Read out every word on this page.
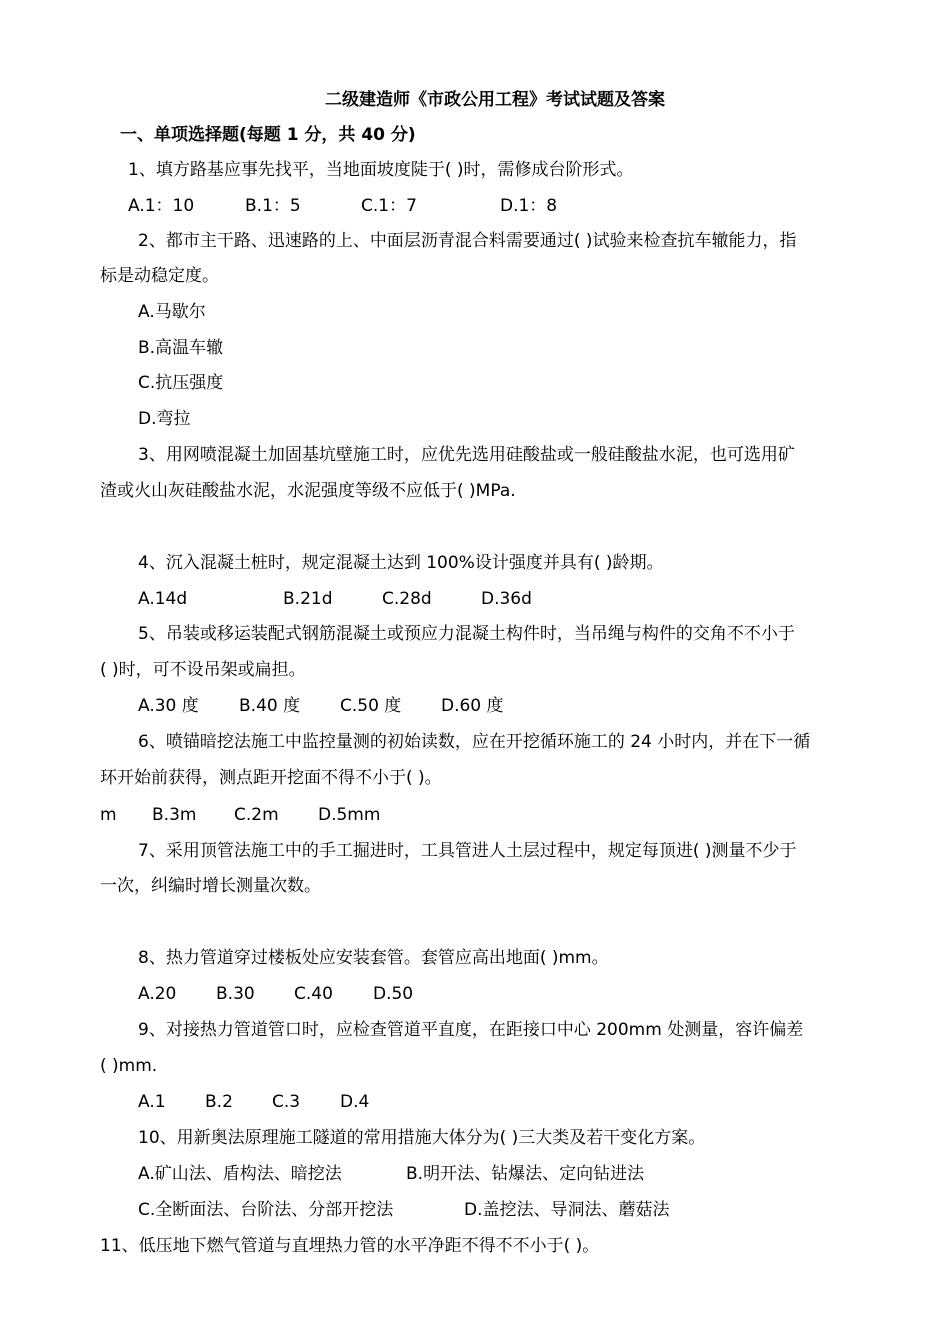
二级建造师《市政公用工程》考试试题及答案
一、单项选择题(每题 1 分，共 40 分)
1、填方路基应事先找平，当地面坡度陡于( )时，需修成台阶形式。
A.1：10	B.1：5	C.1：7	D.1：8
2、都市主干路、迅速路的上、中面层沥青混合料需要通过( )试验来检查抗车辙能力，指
标是动稳定度。
A.马歇尔
B.高温车辙
C.抗压强度
D.弯拉
3、用网喷混凝土加固基坑壁施工时，应优先选用硅酸盐或一般硅酸盐水泥，也可选用矿
渣或火山灰硅酸盐水泥，水泥强度等级不应低于( )MPa.
4、沉入混凝土桩时，规定混凝土达到 100%设计强度并具有( )龄期。
A.14d	B.21d	C.28d	D.36d
5、吊装或移运装配式钢筋混凝土或预应力混凝土构件时，当吊绳与构件的交角不不小于
( )时，可不设吊架或扁担。
A.30 度 B.40 度 C.50 度 D.60 度
6、喷锚暗挖法施工中监控量测的初始读数，应在开挖循环施工的 24 小时内，并在下一循
环开始前获得，测点距开挖面不得不小于( )。
m B.3m C.2m D.5mm
7、采用顶管法施工中的手工掘进时，工具管进人土层过程中，规定每顶进( )测量不少于
一次，纠编时增长测量次数。
8、热力管道穿过楼板处应安装套管。套管应高出地面( )mm。
A.20 B.30 C.40 D.50
9、对接热力管道管口时，应检查管道平直度，在距接口中心 200mm 处测量，容许偏差
( )mm.
A.1 B.2 C.3 D.4
10、用新奥法原理施工隧道的常用措施大体分为( )三大类及若干变化方案。
A.矿山法、盾构法、暗挖法	B.明开法、钻爆法、定向钻进法
C.全断面法、台阶法、分部开挖法	D.盖挖法、导洞法、蘑菇法
11、低压地下燃气管道与直埋热力管的水平净距不得不不小于( )。
